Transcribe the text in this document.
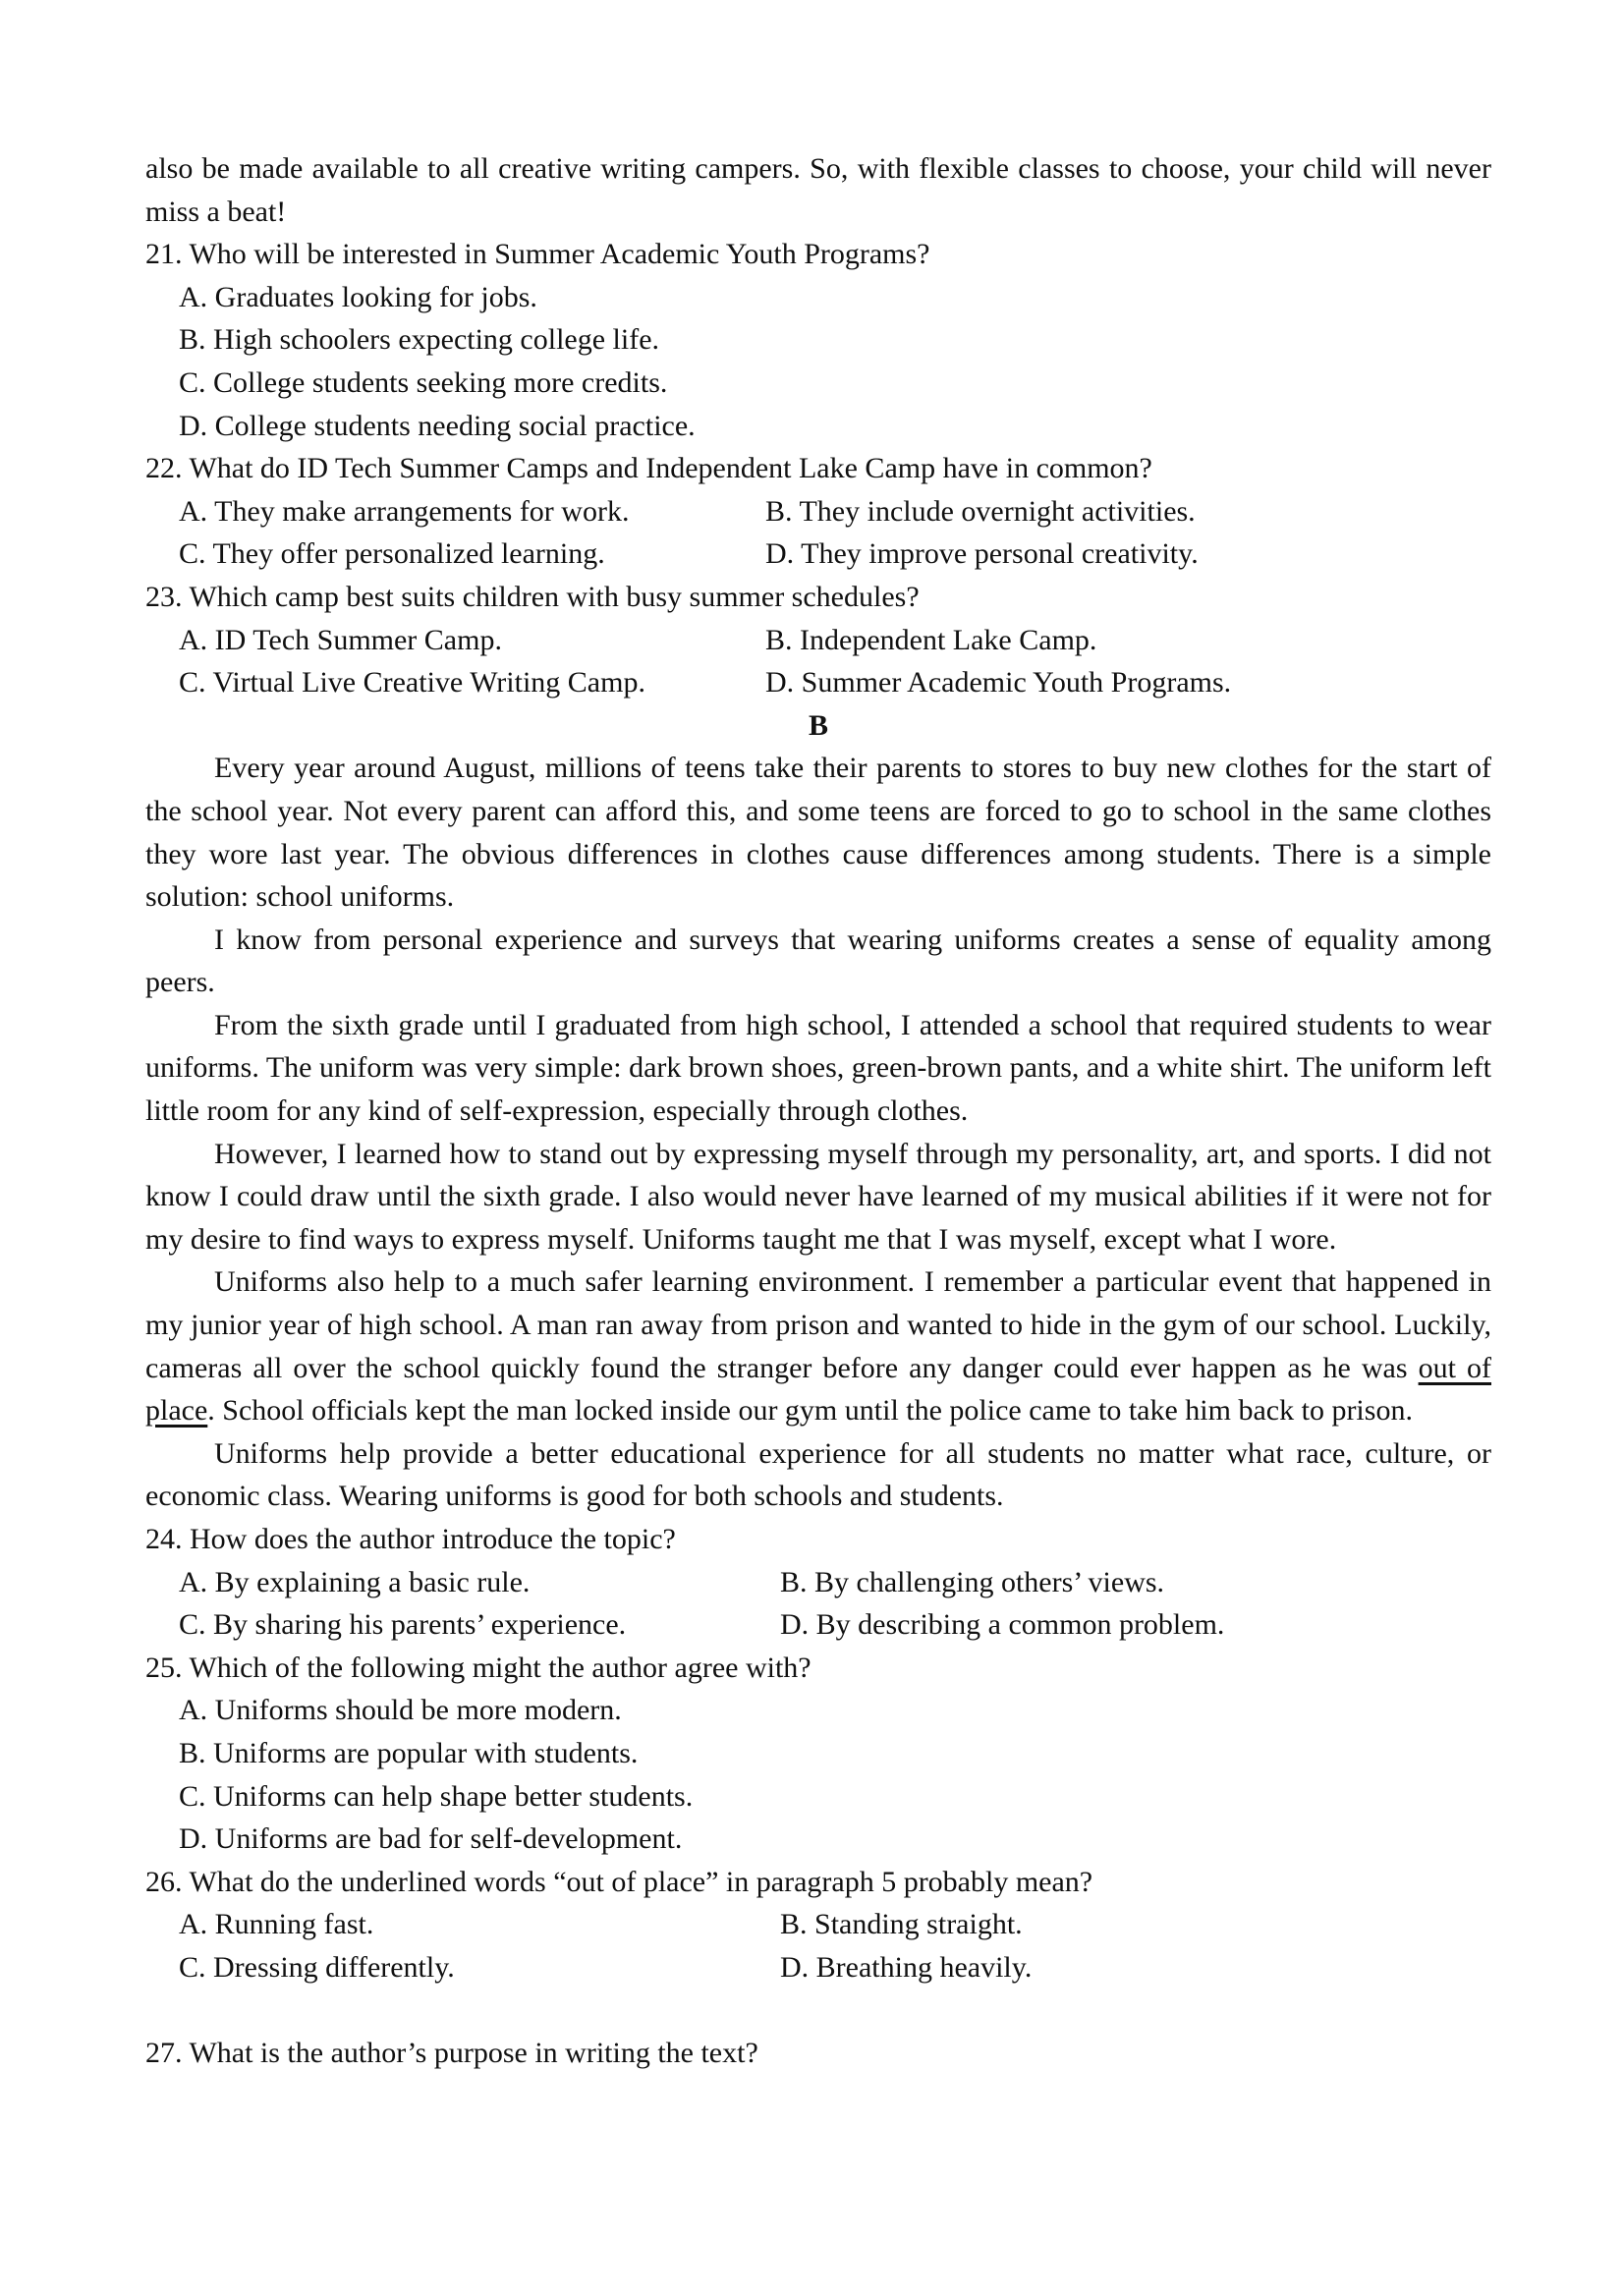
also be made available to all creative writing campers. So, with flexible classes to choose, your child will never miss a beat!

21. Who will be interested in Summer Academic Youth Programs?

A. Graduates looking for jobs.

B. High schoolers expecting college life.

C. College students seeking more credits.

D. College students needing social practice.

22. What do ID Tech Summer Camps and Independent Lake Camp have in common?

A. They make arrangements for work.	B. They include overnight activities.
C. They offer personalized learning.	D. They improve personal creativity.

23. Which camp best suits children with busy summer schedules?

A. ID Tech Summer Camp.	B. Independent Lake Camp.
C. Virtual Live Creative Writing Camp.	D. Summer Academic Youth Programs.

B

Every year around August, millions of teens take their parents to stores to buy new clothes for the start of the school year. Not every parent can afford this, and some teens are forced to go to school in the same clothes they wore last year. The obvious differences in clothes cause differences among students. There is a simple solution: school uniforms.

I know from personal experience and surveys that wearing uniforms creates a sense of equality among peers.

From the sixth grade until I graduated from high school, I attended a school that required students to wear uniforms. The uniform was very simple: dark brown shoes, green-brown pants, and a white shirt. The uniform left little room for any kind of self-expression, especially through clothes.

However, I learned how to stand out by expressing myself through my personality, art, and sports. I did not know I could draw until the sixth grade. I also would never have learned of my musical abilities if it were not for my desire to find ways to express myself. Uniforms taught me that I was myself, except what I wore.

Uniforms also help to a much safer learning environment. I remember a particular event that happened in my junior year of high school. A man ran away from prison and wanted to hide in the gym of our school. Luckily, cameras all over the school quickly found the stranger before any danger could ever happen as he was out of place. School officials kept the man locked inside our gym until the police came to take him back to prison.

Uniforms help provide a better educational experience for all students no matter what race, culture, or economic class. Wearing uniforms is good for both schools and students.

24. How does the author introduce the topic?

A. By explaining a basic rule.	B. By challenging others’ views.
C. By sharing his parents’ experience.	D. By describing a common problem.

25. Which of the following might the author agree with?

A. Uniforms should be more modern.

B. Uniforms are popular with students.

C. Uniforms can help shape better students.

D. Uniforms are bad for self-development.

26. What do the underlined words “out of place” in paragraph 5 probably mean?

A. Running fast.	B. Standing straight.
C. Dressing differently.	D. Breathing heavily.

27. What is the author’s purpose in writing the text?
